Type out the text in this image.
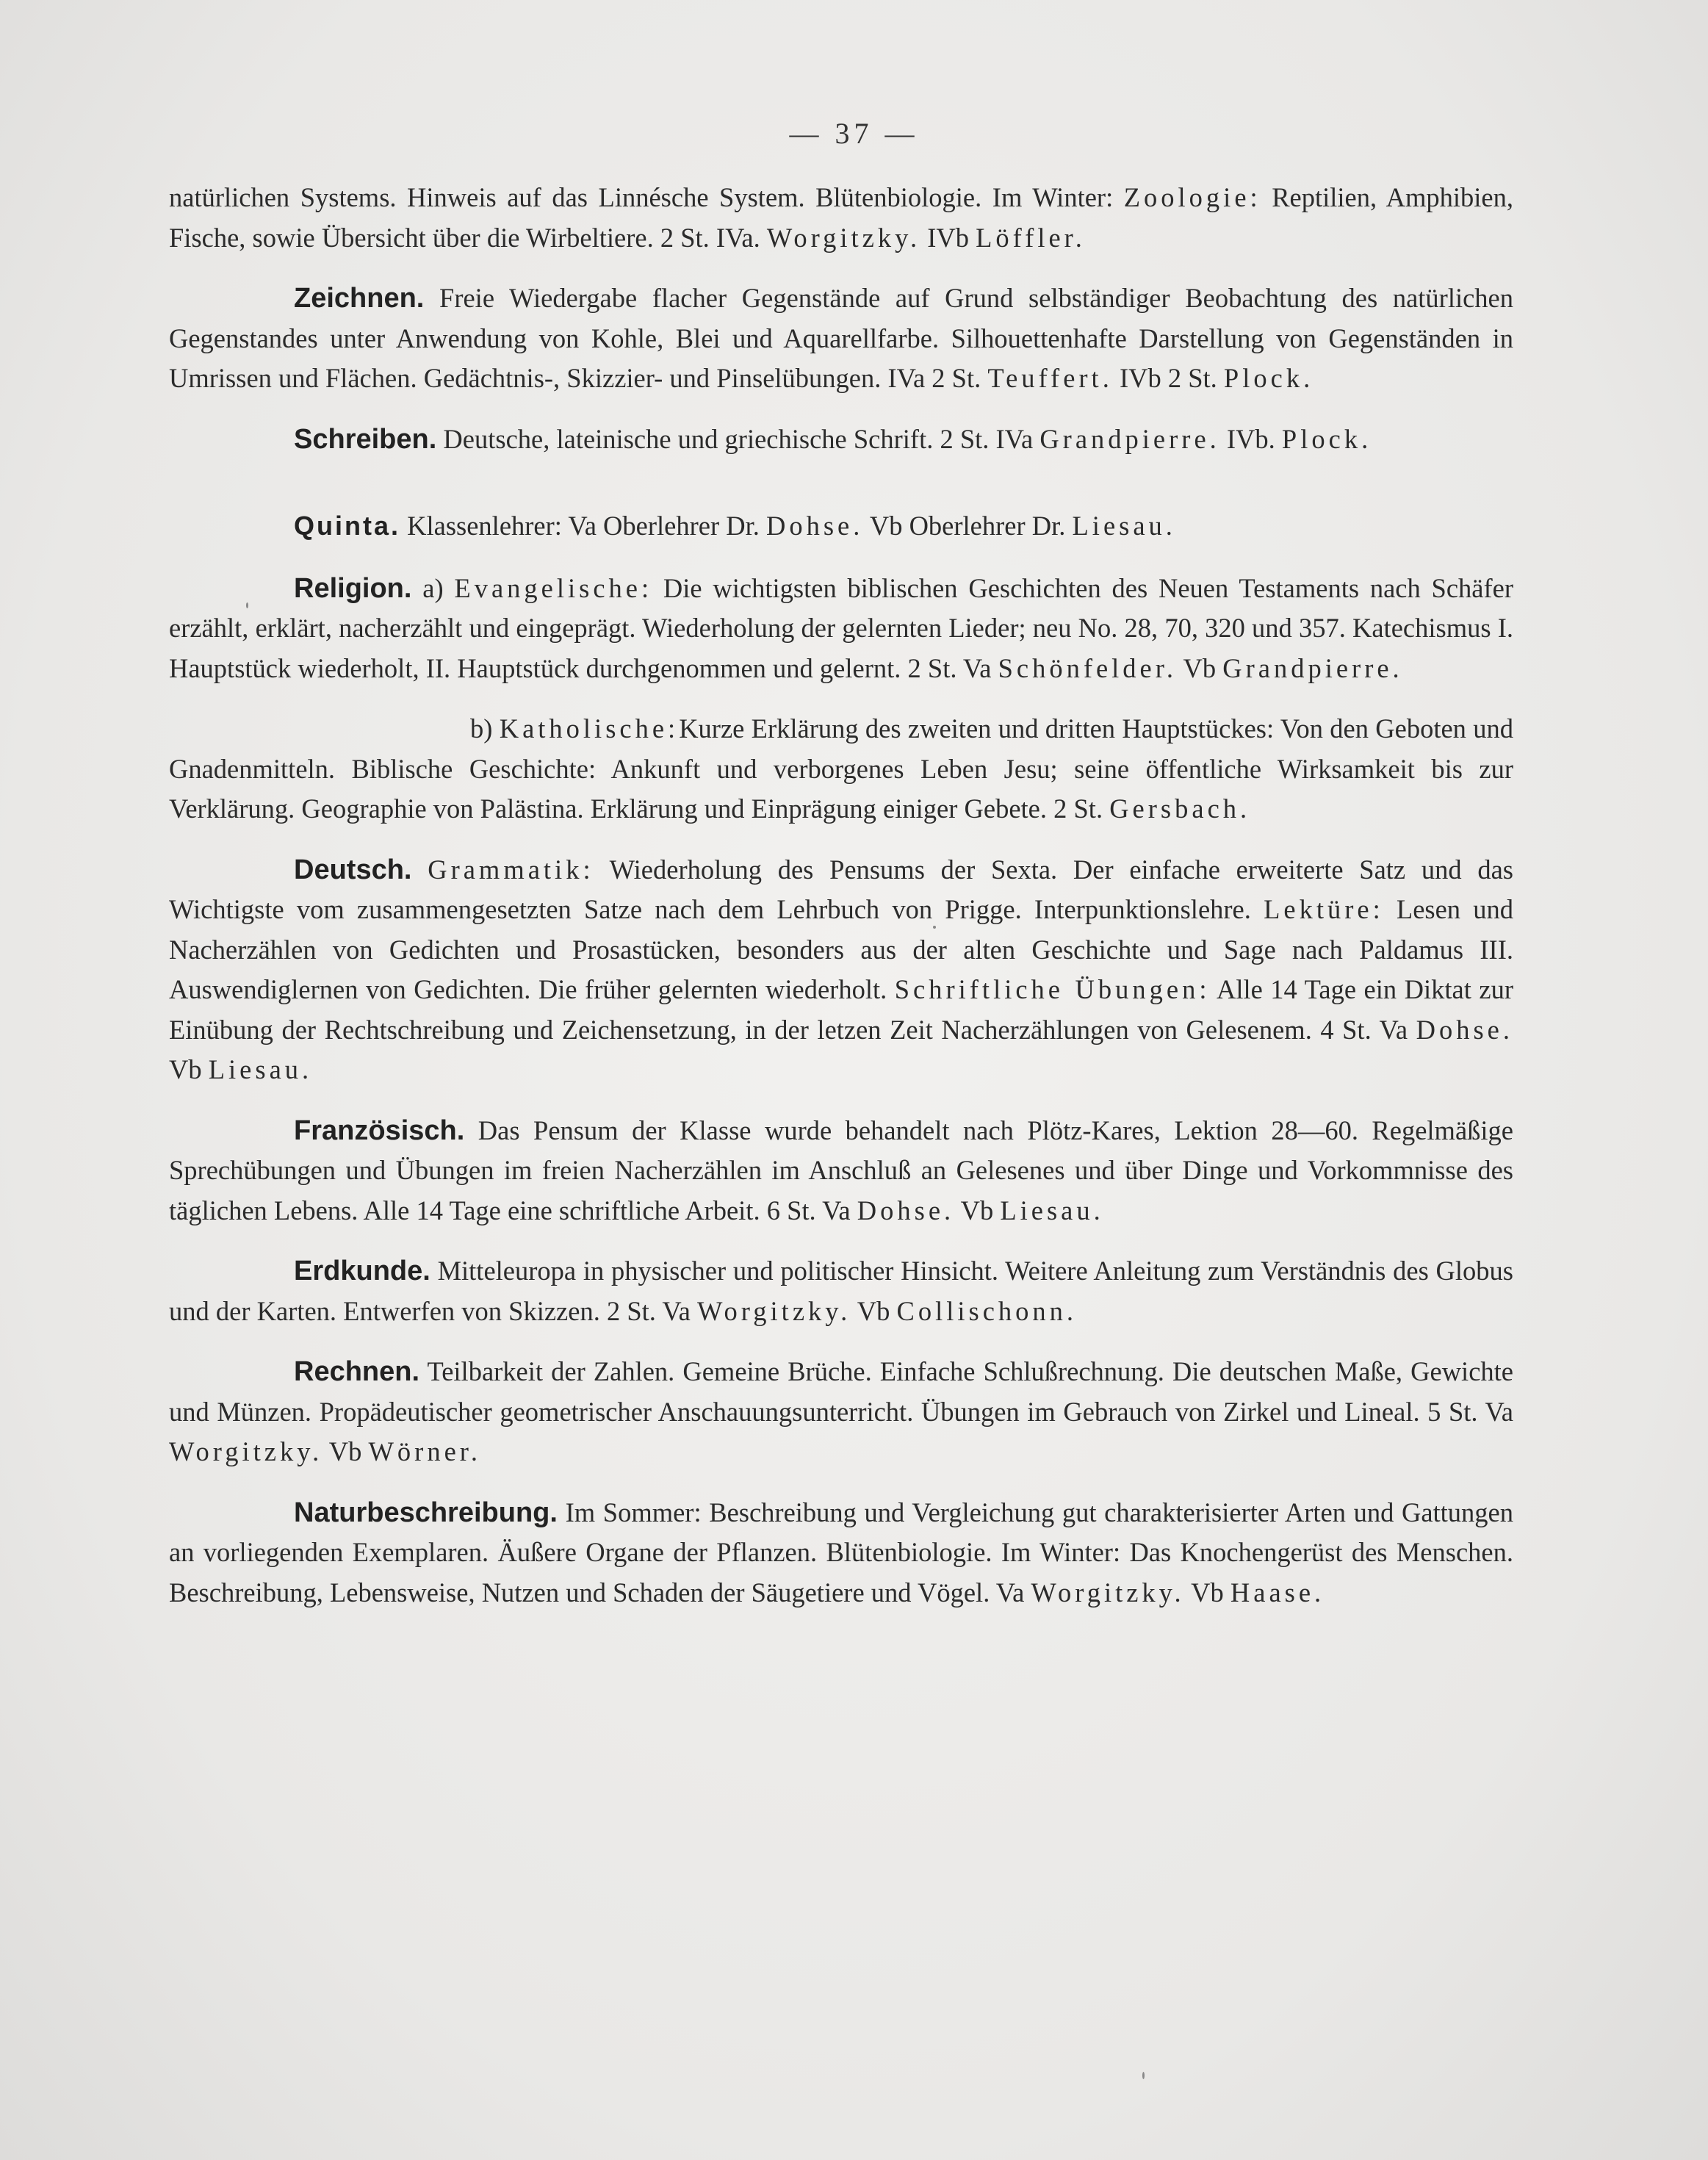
— 37 —

natürlichen Systems. Hinweis auf das Linnésche System. Blütenbiologie. Im Winter: Zoologie: Reptilien, Amphibien, Fische, sowie Übersicht über die Wirbeltiere. 2 St. IVa. Worgitzky. IVb Löffler.

Zeichnen. Freie Wiedergabe flacher Gegenstände auf Grund selbständiger Beobachtung des natürlichen Gegenstandes unter Anwendung von Kohle, Blei und Aquarellfarbe. Silhouettenhafte Darstellung von Gegenständen in Umrissen und Flächen. Gedächtnis-, Skizzier- und Pinselübungen. IVa 2 St. Teuffert. IVb 2 St. Plock.

Schreiben. Deutsche, lateinische und griechische Schrift. 2 St. IVa Grandpierre. IVb. Plock.

Quinta. Klassenlehrer: Va Oberlehrer Dr. Dohse. Vb Oberlehrer Dr. Liesau.

Religion. a) Evangelische: Die wichtigsten biblischen Geschichten des Neuen Testaments nach Schäfer erzählt, erklärt, nacherzählt und eingeprägt. Wiederholung der gelernten Lieder; neu No. 28, 70, 320 und 357. Katechismus I. Hauptstück wiederholt, II. Hauptstück durchgenommen und gelernt. 2 St. Va Schönfelder. Vb Grandpierre.

b) Katholische:Kurze Erklärung des zweiten und dritten Hauptstückes: Von den Geboten und Gnadenmitteln. Biblische Geschichte: Ankunft und verborgenes Leben Jesu; seine öffentliche Wirksamkeit bis zur Verklärung. Geographie von Palästina. Erklärung und Einprägung einiger Gebete. 2 St. Gersbach.

Deutsch. Grammatik: Wiederholung des Pensums der Sexta. Der einfache erweiterte Satz und das Wichtigste vom zusammengesetzten Satze nach dem Lehrbuch von Prigge. Interpunktionslehre. Lektüre: Lesen und Nacherzählen von Gedichten und Prosastücken, besonders aus der alten Geschichte und Sage nach Paldamus III. Auswendiglernen von Gedichten. Die früher gelernten wiederholt. Schriftliche Übungen: Alle 14 Tage ein Diktat zur Einübung der Rechtschreibung und Zeichensetzung, in der letzen Zeit Nacherzählungen von Gelesenem. 4 St. Va Dohse. Vb Liesau.

Französisch. Das Pensum der Klasse wurde behandelt nach Plötz-Kares, Lektion 28—60. Regelmäßige Sprechübungen und Übungen im freien Nacherzählen im Anschluß an Gelesenes und über Dinge und Vorkommnisse des täglichen Lebens. Alle 14 Tage eine schriftliche Arbeit. 6 St. Va Dohse. Vb Liesau.

Erdkunde. Mitteleuropa in physischer und politischer Hinsicht. Weitere Anleitung zum Verständnis des Globus und der Karten. Entwerfen von Skizzen. 2 St. Va Worgitzky. Vb Collischonn.

Rechnen. Teilbarkeit der Zahlen. Gemeine Brüche. Einfache Schlußrechnung. Die deutschen Maße, Gewichte und Münzen. Propädeutischer geometrischer Anschauungsunterricht. Übungen im Gebrauch von Zirkel und Lineal. 5 St. Va Worgitzky. Vb Wörner.

Naturbeschreibung. Im Sommer: Beschreibung und Vergleichung gut charakterisierter Arten und Gattungen an vorliegenden Exemplaren. Äußere Organe der Pflanzen. Blütenbiologie. Im Winter: Das Knochengerüst des Menschen. Beschreibung, Lebensweise, Nutzen und Schaden der Säugetiere und Vögel. Va Worgitzky. Vb Haase.
